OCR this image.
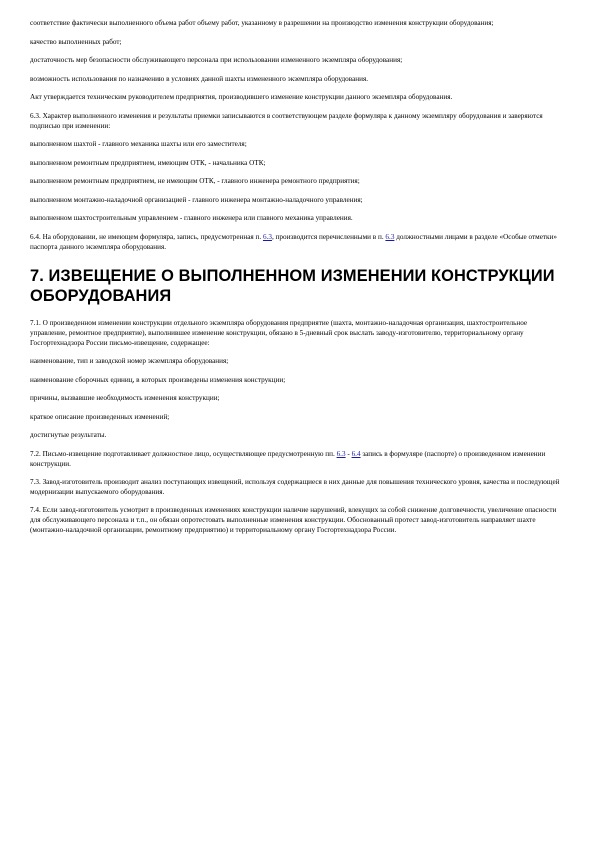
соответствие фактически выполненного объема работ объему работ, указанному в разрешении на производство изменения конструкции оборудования;

качество выполненных работ;

достаточность мер безопасности обслуживающего персонала при использовании измененного экземпляра оборудования;

возможность использования по назначению в условиях данной шахты измененного экземпляра оборудования.

Акт утверждается техническим руководителем предприятия, производившего изменение конструкции данного экземпляра оборудования.

6.3. Характер выполненного изменения и результаты приемки записываются в соответствующем разделе формуляра к данному экземпляру оборудования и заверяются подписью при изменении:

выполненном шахтой - главного механика шахты или его заместителя;

выполненном ремонтным предприятием, имеющим ОТК, - начальника ОТК;

выполненном ремонтным предприятием, не имеющим ОТК, - главного инженера ремонтного предприятия;

выполненном монтажно-наладочной организацией - главного инженера монтажно-наладочного управления;

выполненном шахтостроительным управлением - главного инженера или главного механика управления.

6.4. На оборудовании, не имеющем формуляра, запись, предусмотренная п. 6.3, производится перечисленными в п. 6.3 должностными лицами в разделе «Особые отметки» паспорта данного экземпляра оборудования.

7. ИЗВЕЩЕНИЕ О ВЫПОЛНЕННОМ ИЗМЕНЕНИИ КОНСТРУКЦИИ ОБОРУДОВАНИЯ

7.1. О произведенном изменении конструкции отдельного экземпляра оборудования предприятие (шахта, монтажно-наладочная организация, шахтостроительное управление, ремонтное предприятие), выполнившее изменение конструкции, обязано в 5-дневный срок выслать заводу-изготовителю, территориальному органу Госгортехнадзора России письмо-извещение, содержащее:

наименование, тип и заводской номер экземпляра оборудования;

наименование сборочных единиц, в которых произведены изменения конструкции;

причины, вызвавшие необходимость изменения конструкции;

краткое описание произведенных изменений;

достигнутые результаты.

7.2. Письмо-извещение подготавливает должностное лицо, осуществляющее предусмотренную пп. 6.3 - 6.4 запись в формуляре (паспорте) о произведенном изменении конструкции.

7.3. Завод-изготовитель производит анализ поступающих извещений, используя содержащиеся в них данные для повышения технического уровня, качества и последующей модернизации выпускаемого оборудования.

7.4. Если завод-изготовитель усмотрит в произведенных изменениях конструкции наличие нарушений, влекущих за собой снижение долговечности, увеличение опасности для обслуживающего персонала и т.п., он обязан опротестовать выполненные изменения конструкции. Обоснованный протест завод-изготовитель направляет шахте (монтажно-наладочной организации, ремонтному предприятию) и территориальному органу Госгортехнадзора России.
